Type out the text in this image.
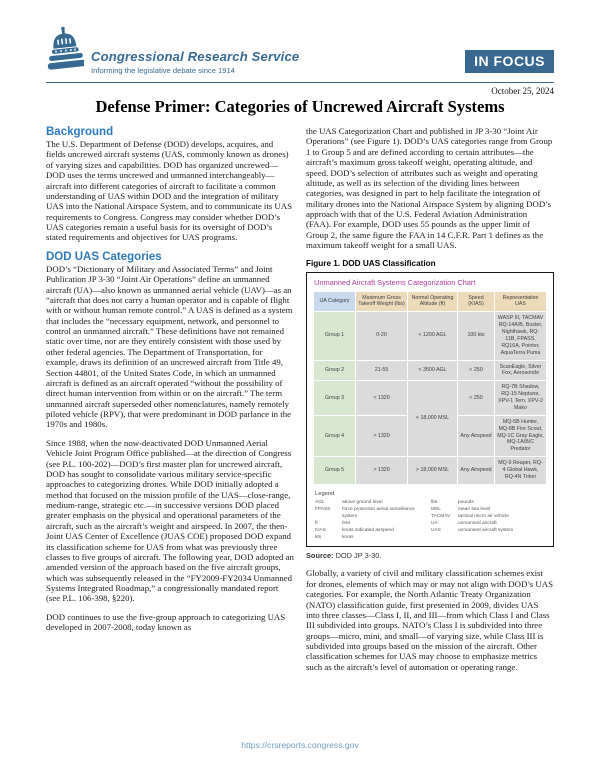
Congressional Research Service
Informing the legislative debate since 1914
IN FOCUS
October 25, 2024
Defense Primer: Categories of Uncrewed Aircraft Systems
Background

The U.S. Department of Defense (DOD) develops, acquires, and fields uncrewed aircraft systems (UAS, commonly known as drones) of varying sizes and capabilities. DOD has organized uncrewed—DOD uses the terms uncrewed and unmanned interchangeably—aircraft into different categories of aircraft to facilitate a common understanding of UAS within DOD and the integration of military UAS into the National Airspace System, and to communicate its UAS requirements to Congress. Congress may consider whether DOD’s UAS categories remain a useful basis for its oversight of DOD’s stated requirements and objectives for UAS programs.

DOD UAS Categories

DOD’s “Dictionary of Military and Associated Terms” and Joint Publication JP 3-30 “Joint Air Operations” define an unmanned aircraft (UA)—also known as unmanned aerial vehicle (UAV)—as an “aircraft that does not carry a human operator and is capable of flight with or without human remote control.” A UAS is defined as a system that includes the “necessary equipment, network, and personnel to control an unmanned aircraft.” These definitions have not remained static over time, nor are they entirely consistent with those used by other federal agencies. The Department of Transportation, for example, draws its definition of an uncrewed aircraft from Title 49, Section 44801, of the United States Code, in which an unmanned aircraft is defined as an aircraft operated “without the possibility of direct human intervention from within or on the aircraft.” The term unmanned aircraft superseded other nomenclatures, namely remotely piloted vehicle (RPV), that were predominant in DOD parlance in the 1970s and 1980s.

Since 1988, when the now-deactivated DOD Unmanned Aerial Vehicle Joint Program Office published—at the direction of Congress (see P.L. 100-202)—DOD’s first master plan for uncrewed aircraft, DOD has sought to consolidate various military service-specific approaches to categorizing drones. While DOD initially adopted a method that focused on the mission profile of the UAS—close-range, medium-range, strategic etc.—in successive versions DOD placed greater emphasis on the physical and operational parameters of the aircraft, such as the aircraft’s weight and airspeed. In 2007, the then-Joint UAS Center of Excellence (JUAS COE) proposed DOD expand its classification scheme for UAS from what was previously three classes to five groups of aircraft. The following year, DOD adopted an amended version of the approach based on the five aircraft groups, which was subsequently released in the “FY2009-FY2034 Unmanned Systems Integrated Roadmap,” a congressionally mandated report (see P.L. 106-398, §220).

DOD continues to use the five-group approach to categorizing UAS developed in 2007-2008, today known as

the UAS Categorization Chart and published in JP 3-30 “Joint Air Operations” (see Figure 1). DOD’s UAS categories range from Group 1 to Group 5 and are defined according to certain attributes—the aircraft’s maximum gross takeoff weight, operating altitude, and speed. DOD’s selection of attributes such as weight and operating altitude, as well as its selection of the dividing lines between categories, was designed in part to help facilitate the integration of military drones into the National Airspace System by aligning DOD’s approach with that of the U.S. Federal Aviation Administration (FAA). For example, DOD uses 55 pounds as the upper limit of Group 2, the same figure the FAA in 14 C.F.R. Part 1 defines as the maximum takeoff weight for a small UAS.

Figure 1. DOD UAS Classification
Unmanned Aircraft Systems Categorization Chart
UA Category	Maximum Gross Takeoff Weight (lbs)	Normal Operating Altitude (ft)	Speed (KIAS)	Representative UAS
Group 1	0-20	< 1200 AGL	100 kts	WASP III, TACMAV RQ-14A/B, Buster, Nighthawk, RQ-11B, FPASS, RQ16A, Pointer, AquaTerra Puma
Group 2	21-55	< 3500 AGL	< 250	ScanEagle, Silver Fox, Aerosonde
Group 3	< 1320	< 18,000 MSL	< 250	RQ-7B Shadow, RQ-15 Neptune, XPV-1 Tern, XPV-2 Mako
Group 4	> 1320		Any Airspeed	MQ-5B Hunter, MQ-8B Fire Scout, MQ-1C Gray Eagle, MQ-1A/B/C Predator
Group 5	> 1320	> 18,000 MSL	Any Airspeed	MQ-9 Reaper, RQ-4 Global Hawk, RQ-4N Triton
Legend
AGL	above ground level
FPASS	force protection aerial surveillance system
ft	feet
KIAS	knots indicated airspeed
kts	knots
lbs	pounds
MSL	mean sea level
TACMAV	tactical micro air vehicle
UA	unmanned aircraft
UAS	unmanned aircraft system
Source: DOD JP 3-30.

Globally, a variety of civil and military classification schemes exist for drones, elements of which may or may not align with DOD’s UAS categories. For example, the North Atlantic Treaty Organization (NATO) classification guide, first presented in 2009, divides UAS into three classes—Class I, II, and III—from which Class I and Class III subdivided into groups. NATO’s Class I is subdivided into three groups—micro, mini, and small—of varying size, while Class III is subdivided into groups based on the mission of the aircraft. Other classification schemes for UAS may choose to emphasize metrics such as the aircraft’s level of automation or operating range.

https://crsreports.congress.gov
